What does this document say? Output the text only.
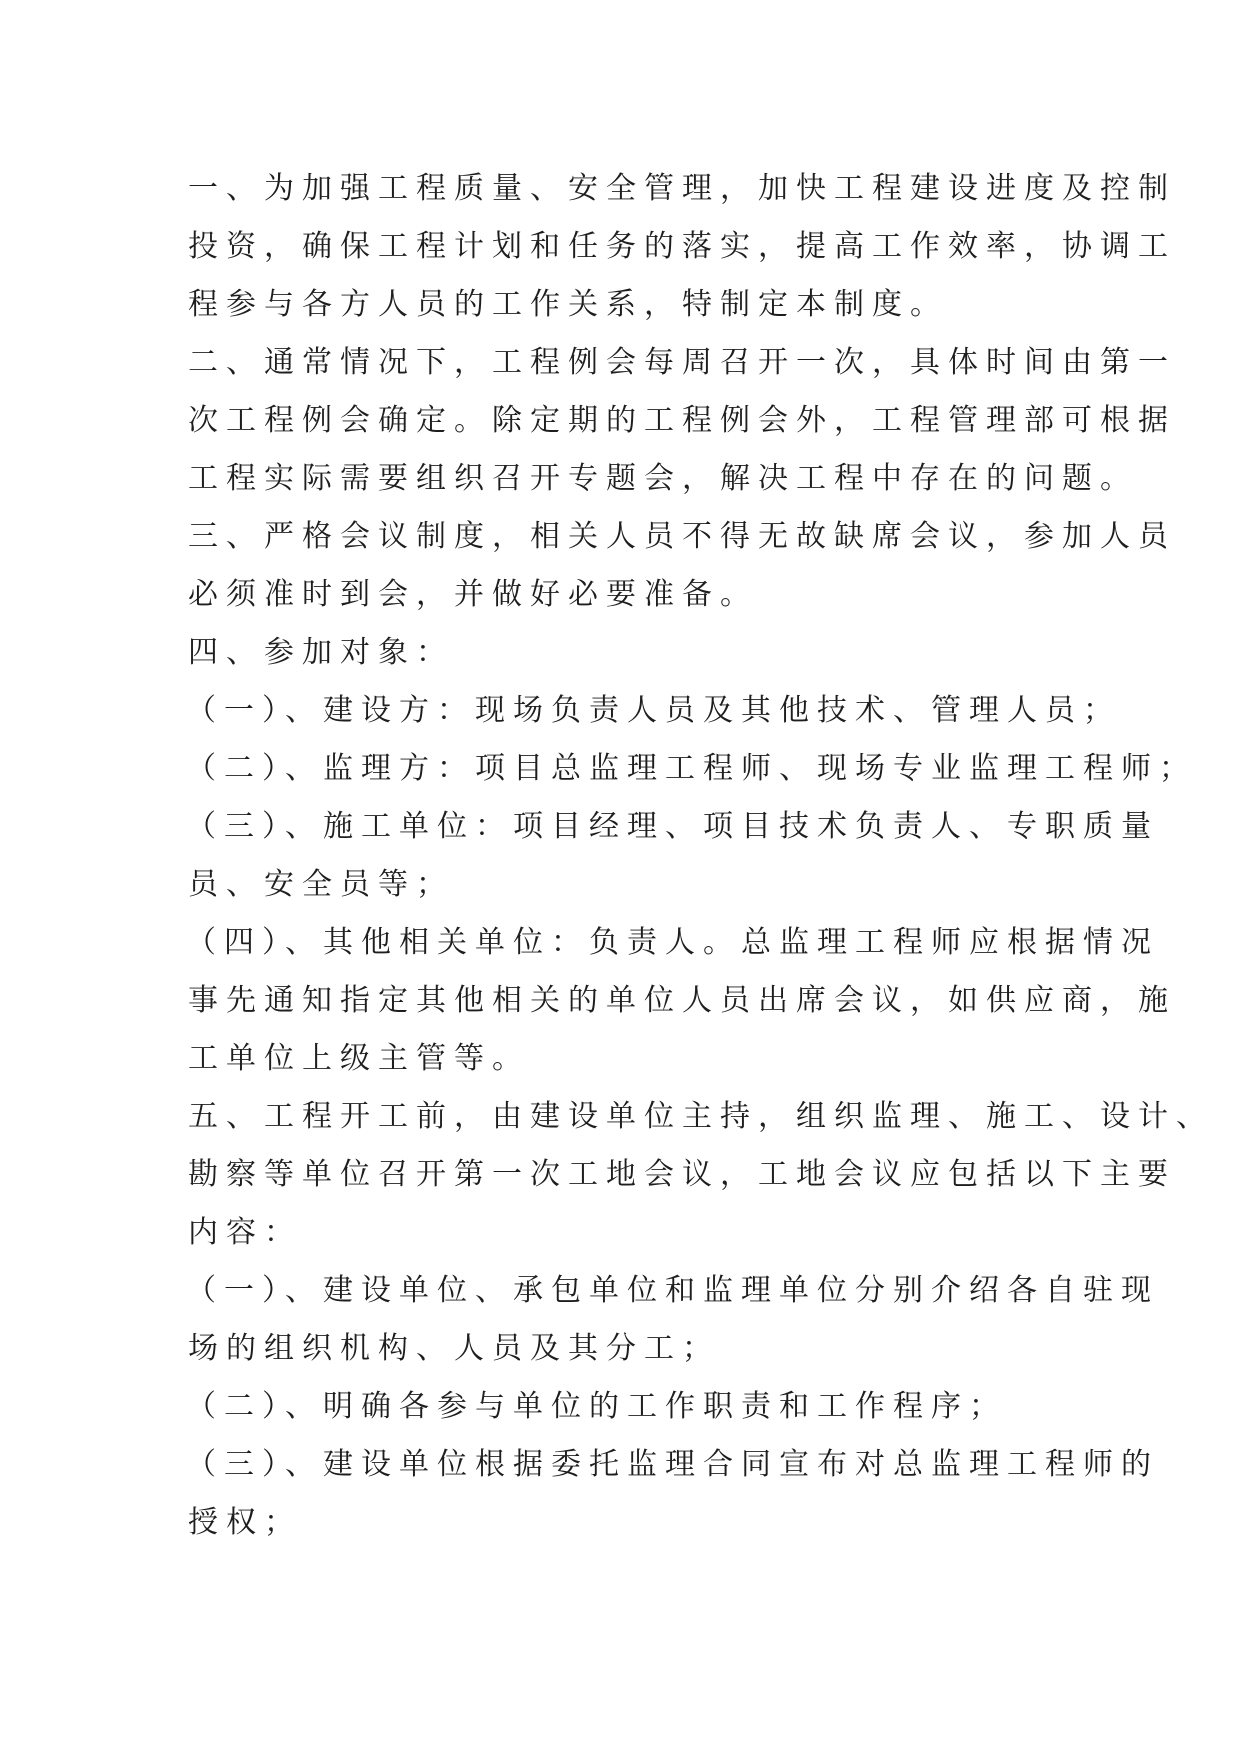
一、为加强工程质量、安全管理，加快工程建设进度及控制
投资，确保工程计划和任务的落实，提高工作效率，协调工
程参与各方人员的工作关系，特制定本制度。
二、通常情况下，工程例会每周召开一次，具体时间由第一
次工程例会确定。除定期的工程例会外，工程管理部可根据
工程实际需要组织召开专题会，解决工程中存在的问题。
三、严格会议制度，相关人员不得无故缺席会议，参加人员
必须准时到会，并做好必要准备。
四、参加对象：
（一）、建设方：现场负责人员及其他技术、管理人员；
（二）、监理方：项目总监理工程师、现场专业监理工程师；
（三）、施工单位：项目经理、项目技术负责人、专职质量
员、安全员等；
（四）、其他相关单位：负责人。总监理工程师应根据情况
事先通知指定其他相关的单位人员出席会议，如供应商，施
工单位上级主管等。
五、工程开工前，由建设单位主持，组织监理、施工、设计、
勘察等单位召开第一次工地会议，工地会议应包括以下主要
内容：
（一）、建设单位、承包单位和监理单位分别介绍各自驻现
场的组织机构、人员及其分工；
（二）、明确各参与单位的工作职责和工作程序；
（三）、建设单位根据委托监理合同宣布对总监理工程师的
授权；
